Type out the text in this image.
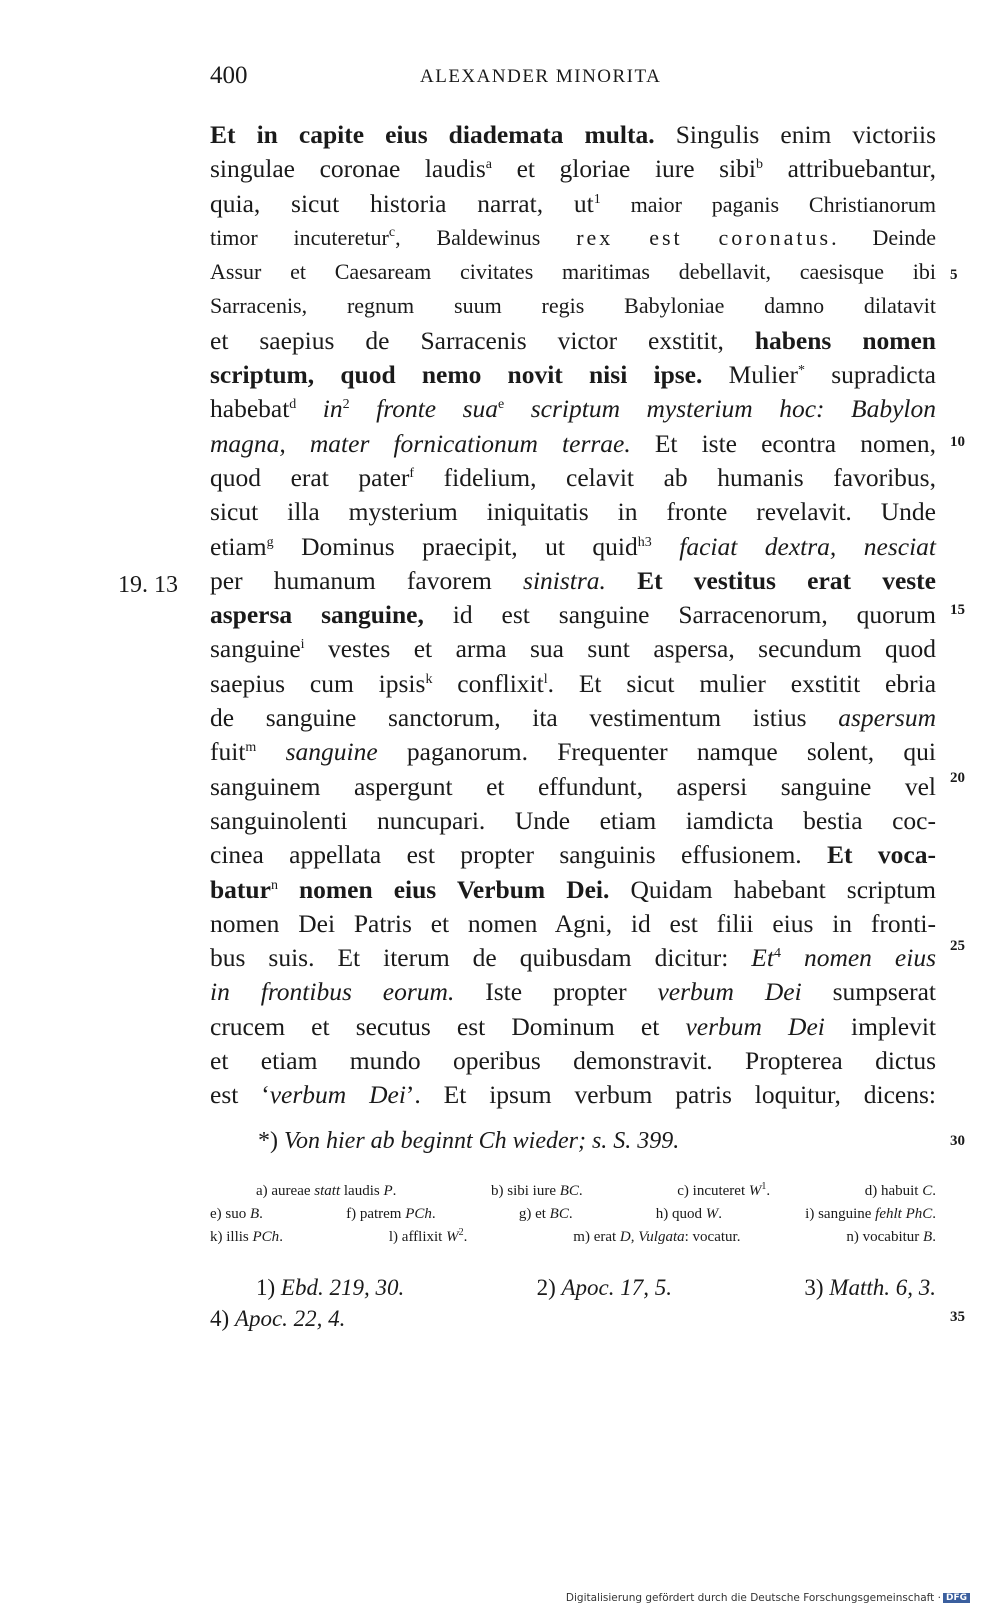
400	ALEXANDER MINORITA
19. 13
5
10
15
20
25
Et in capite eius diademata multa. Singulis enim victoriis
singulae coronae laudis$^a$ et gloriae iure sibi$^b$ attribuebantur,
quia, sicut historia narrat, $ut^1$ maior paganis Christianorum
timor incuteretur$^c$, Baldewinus rex est coronatus. Deinde
Assur et Caesaream civitates maritimas debellavit, caesisque ibi
Sarracenis, regnum suum regis Babyloniae damno dilatavit
et saepius de Sarracenis victor exstitit, habens nomen
scriptum, quod nemo novit nisi ipse. Mulier* supradicta
habebat$^d$ $in^2$ fronte sua$^e$ scriptum mysterium hoc: Babylon
magna, mater fornicationum terrae. Et iste econtra nomen,
quod erat pater$^f$ fidelium, celavit ab humanis favoribus,
sicut illa mysterium iniquitatis in fronte revelavit. Unde
etiam$^g$ Dominus praecipit, ut quid$^{h3}$ faciat dextra, nesciat
per humanum favorem sinistra. Et vestitus erat veste
aspersa sanguine, id est sanguine Sarracenorum, quorum
sanguine$^i$ vestes et arma sua sunt aspersa, secundum quod
saepius cum ipsis$^k$ conflixit$^l$. Et sicut mulier exstitit ebria
de sanguine sanctorum, ita vestimentum istius aspersum
fuit$^m$ sanguine paganorum. Frequenter namque solent, qui
sanguinem aspergunt et effundunt, aspersi sanguine vel
sanguinolenti nuncupari. Unde etiam iamdicta bestia coc-
cinea appellata est propter sanguinis effusionem. Et voca-
batur$^n$ nomen eius Verbum Dei. Quidam habebant scriptum
nomen Dei Patris et nomen Agni, id est filii eius in fronti-
bus suis. Et iterum de quibusdam dicitur: Et$^4$ nomen eius
in frontibus eorum. Iste propter verbum Dei sumpserat
crucem et secutus est Dominum et verbum Dei implevit
et etiam mundo operibus demonstravit. Propterea dictus
est ‘verbum Dei’. Et ipsum verbum patris loquitur, dicens:
*) Von hier ab beginnt Ch wieder; s. S. 399.	30
a) aureae statt laudis P.	b) sibi iure BC.	c) incuteret $W^1$.	d) habuit C.
e) suo B.	f) patrem PCh.	g) et BC.	h) quod W.	i) sanguine fehlt PhC.
k) illis PCh.	l) afflixit $W^2$.	m) erat D, Vulgata: vocatur.	n) vocabitur B.
1) Ebd. 219, 30.	2) Apoc. 17, 5.	3) Matth. 6, 3.
4) Apoc. 22, 4.	35
Digitalisierung gefördert durch die Deutsche Forschungsgemeinschaft · DFG
